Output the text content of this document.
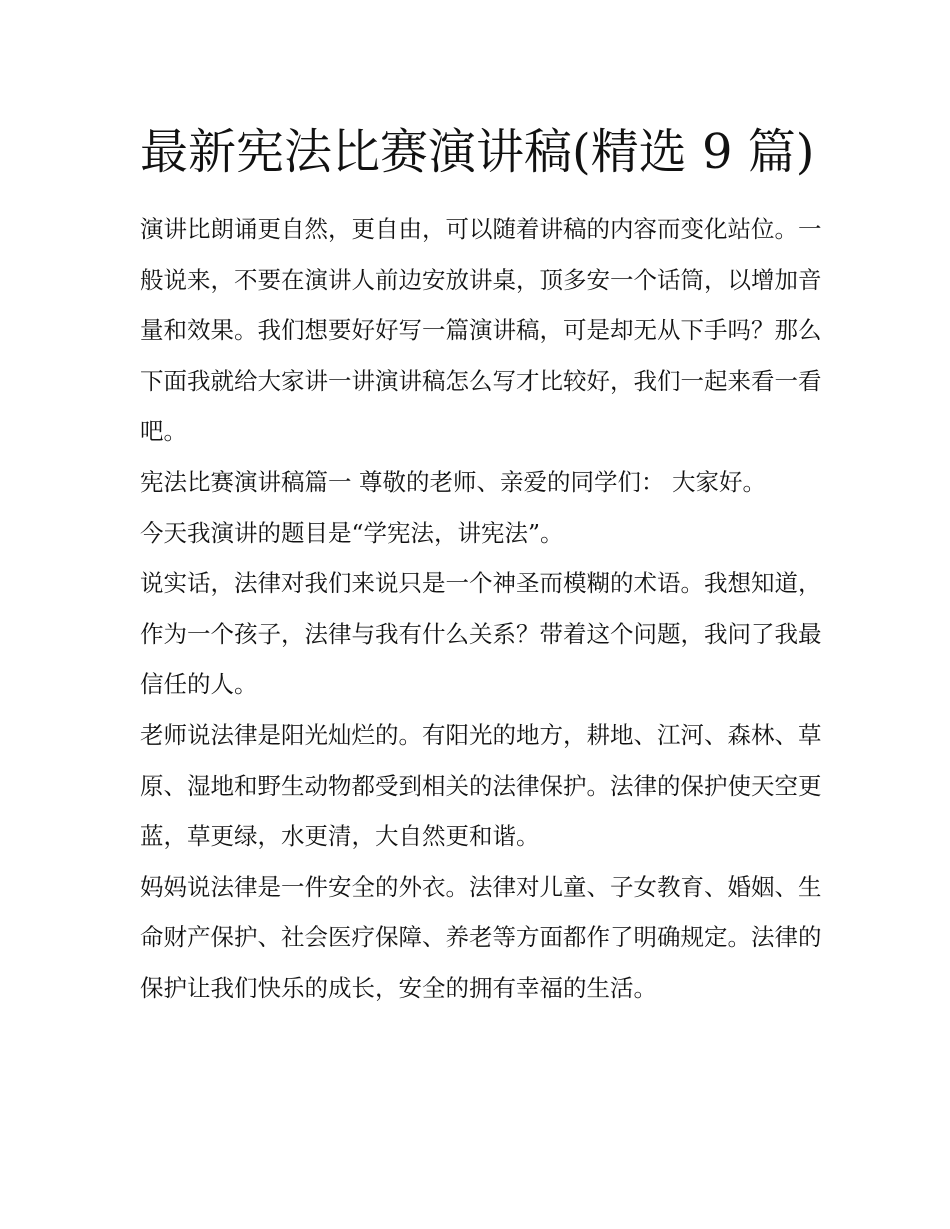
最新宪法比赛演讲稿(精选 9 篇)

演讲比朗诵更自然，更自由，可以随着讲稿的内容而变化站位。一般说来，不要在演讲人前边安放讲桌，顶多安一个话筒，以增加音量和效果。我们想要好好写一篇演讲稿，可是却无从下手吗？那么下面我就给大家讲一讲演讲稿怎么写才比较好，我们一起来看一看吧。

宪法比赛演讲稿篇一 尊敬的老师、亲爱的同学们： 大家好。

今天我演讲的题目是“学宪法，讲宪法”。

说实话，法律对我们来说只是一个神圣而模糊的术语。我想知道，作为一个孩子，法律与我有什么关系？带着这个问题，我问了我最信任的人。

老师说法律是阳光灿烂的。有阳光的地方，耕地、江河、森林、草原、湿地和野生动物都受到相关的法律保护。法律的保护使天空更蓝，草更绿，水更清，大自然更和谐。

妈妈说法律是一件安全的外衣。法律对儿童、子女教育、婚姻、生命财产保护、社会医疗保障、养老等方面都作了明确规定。法律的保护让我们快乐的成长，安全的拥有幸福的生活。
